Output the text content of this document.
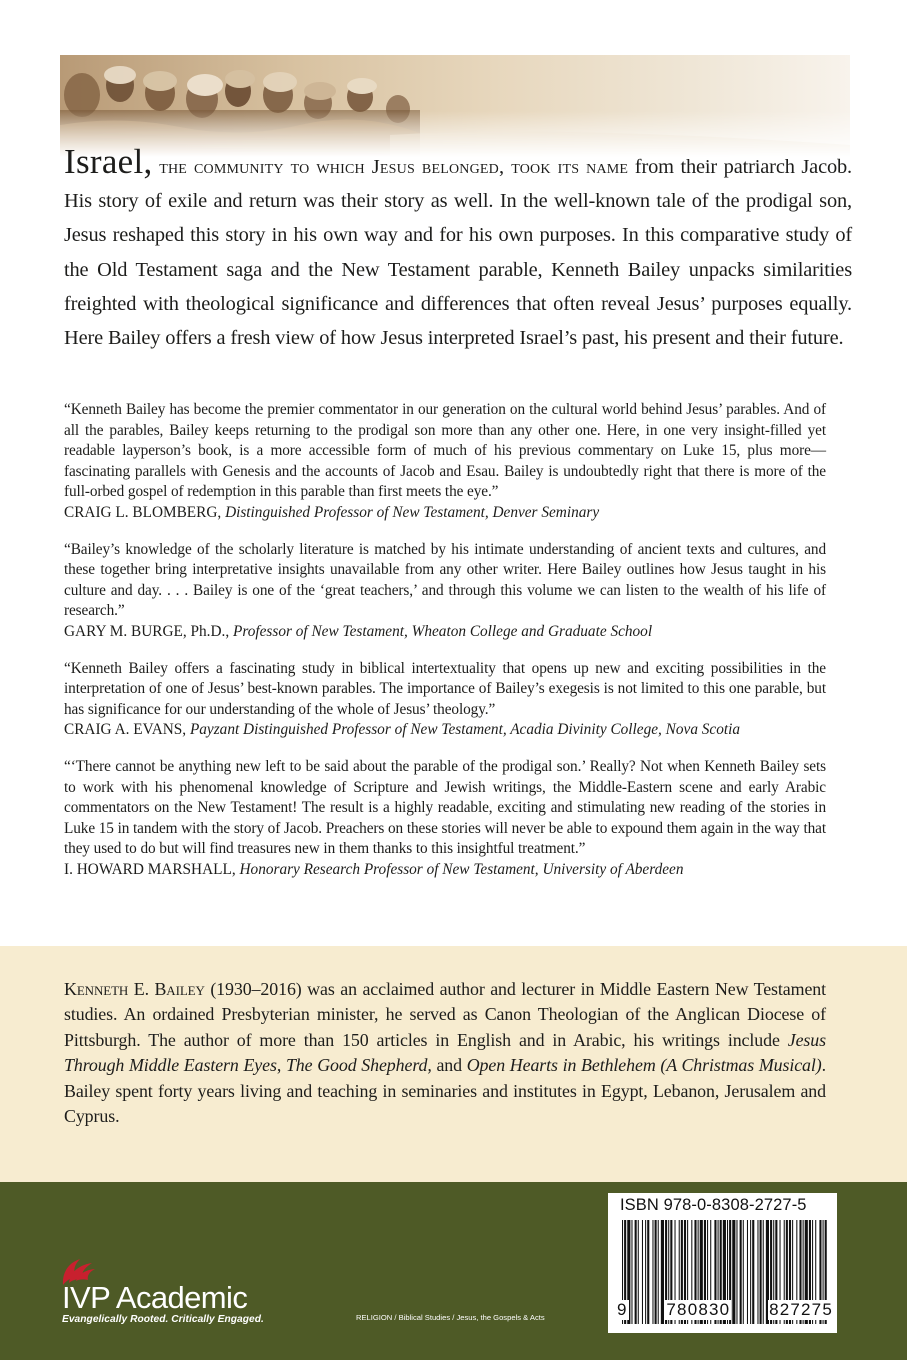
Israel, the community to which Jesus belonged, took its name from their patriarch Jacob. His story of exile and return was their story as well. In the well-known tale of the prodigal son, Jesus reshaped this story in his own way and for his own purposes. In this comparative study of the Old Testament saga and the New Testament parable, Kenneth Bailey unpacks similarities freighted with theological significance and differences that often reveal Jesus’ purposes equally. Here Bailey offers a fresh view of how Jesus interpreted Israel’s past, his present and their future.

“Kenneth Bailey has become the premier commentator in our generation on the cultural world behind Jesus’ parables. And of all the parables, Bailey keeps returning to the prodigal son more than any other one. Here, in one very insight-filled yet readable layperson’s book, is a more accessible form of much of his previous commentary on Luke 15, plus more—fascinating parallels with Genesis and the accounts of Jacob and Esau. Bailey is undoubtedly right that there is more of the full-orbed gospel of redemption in this parable than first meets the eye.”

CRAIG L. BLOMBERG, Distinguished Professor of New Testament, Denver Seminary

“Bailey’s knowledge of the scholarly literature is matched by his intimate understanding of ancient texts and cultures, and these together bring interpretative insights unavailable from any other writer. Here Bailey outlines how Jesus taught in his culture and day. . . . Bailey is one of the ‘great teachers,’ and through this volume we can listen to the wealth of his life of research.”

GARY M. BURGE, Ph.D., Professor of New Testament, Wheaton College and Graduate School

“Kenneth Bailey offers a fascinating study in biblical intertextuality that opens up new and exciting possibilities in the interpretation of one of Jesus’ best-known parables. The importance of Bailey’s exegesis is not limited to this one parable, but has significance for our understanding of the whole of Jesus’ theology.”

CRAIG A. EVANS, Payzant Distinguished Professor of New Testament, Acadia Divinity College, Nova Scotia

“‘There cannot be anything new left to be said about the parable of the prodigal son.’ Really? Not when Kenneth Bailey sets to work with his phenomenal knowledge of Scripture and Jewish writings, the Middle-Eastern scene and early Arabic commentators on the New Testament! The result is a highly readable, exciting and stimulating new reading of the stories in Luke 15 in tandem with the story of Jacob. Preachers on these stories will never be able to expound them again in the way that they used to do but will find treasures new in them thanks to this insightful treatment.”

I. HOWARD MARSHALL, Honorary Research Professor of New Testament, University of Aberdeen

Kenneth E. Bailey (1930–2016) was an acclaimed author and lecturer in Middle Eastern New Testament studies. An ordained Presbyterian minister, he served as Canon Theologian of the Anglican Diocese of Pittsburgh. The author of more than 150 articles in English and in Arabic, his writings include Jesus Through Middle Eastern Eyes, The Good Shepherd, and Open Hearts in Bethlehem (A Christmas Musical). Bailey spent forty years living and teaching in seminaries and institutes in Egypt, Lebanon, Jerusalem and Cyprus.

IVP Academic
Evangelically Rooted. Critically Engaged.	RELIGION / Biblical Studies / Jesus, the Gospels & Acts
ISBN 978-0-8308-2727-5
9 780830 827275
